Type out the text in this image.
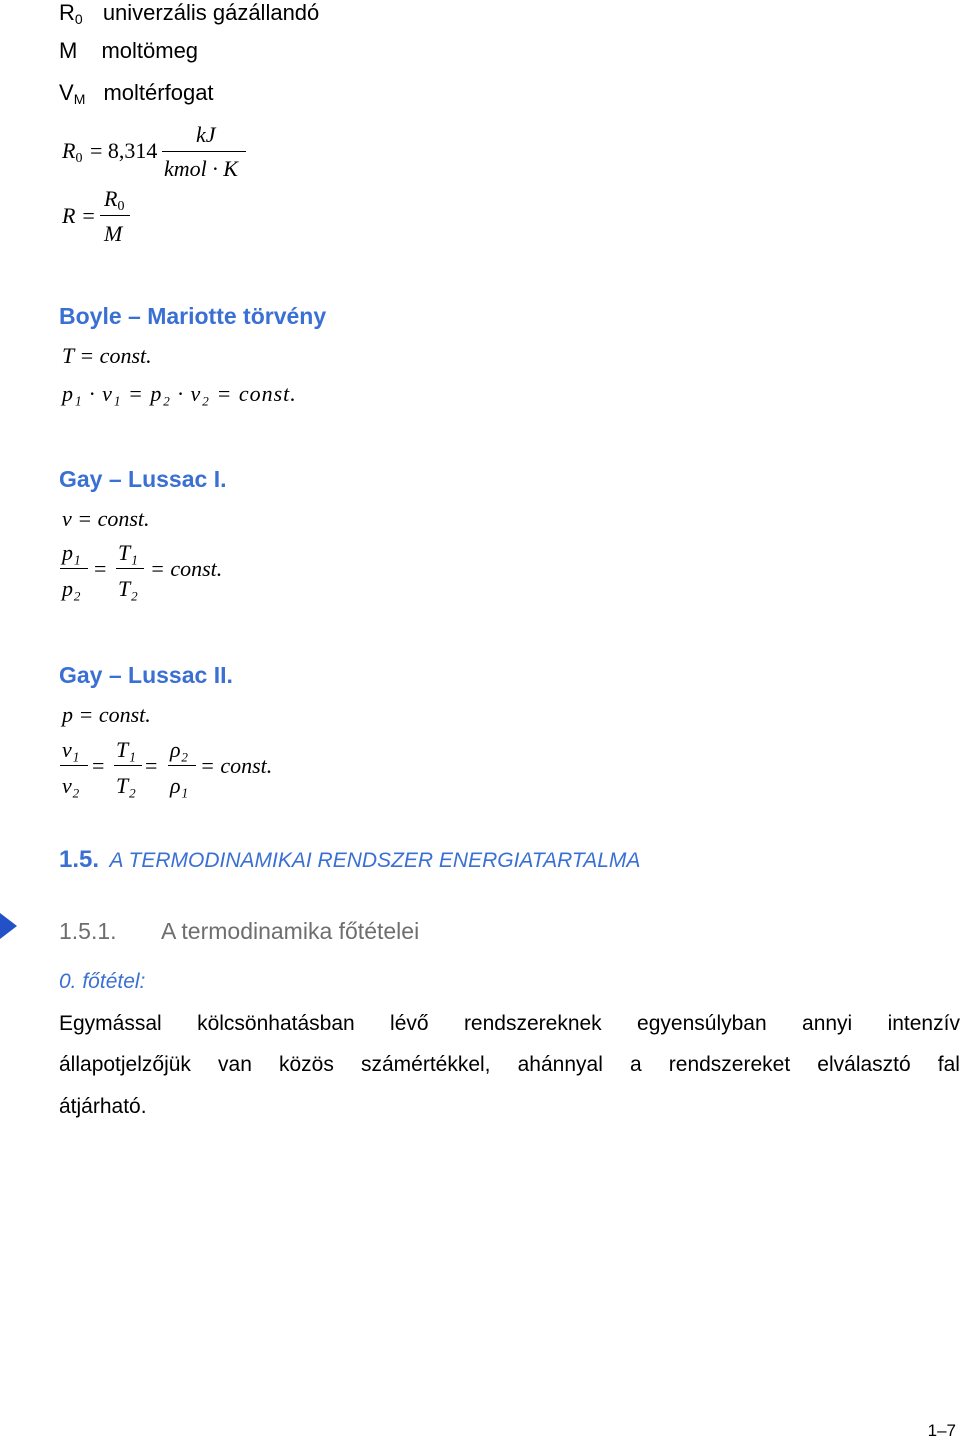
R0 univerzális gázállandó
M moltömeg
VM moltérfogat
R0 = 8,314
kJ
kmol · K
R =
R0
M
Boyle – Mariotte törvény
T = const.
p₁ · v₁ = p₂ · v₂ = const.
Gay – Lussac I.
v = const.
p₁
p₂
=
T₁
T₂
= const.
Gay – Lussac II.
p = const.
v₁
v₂
=
T₁
T₂
=
ρ₂
ρ₁
= const.
1.5. A TERMODINAMIKAI RENDSZER ENERGIATARTALMA
1.5.1. A termodinamika főtételei
0. főtétel:
Egymással kölcsönhatásban lévő rendszereknek egyensúlyban annyi intenzív
állapotjelzőjük van közös számértékkel, ahánnyal a rendszereket elválasztó fal
átjárható.
1–7
